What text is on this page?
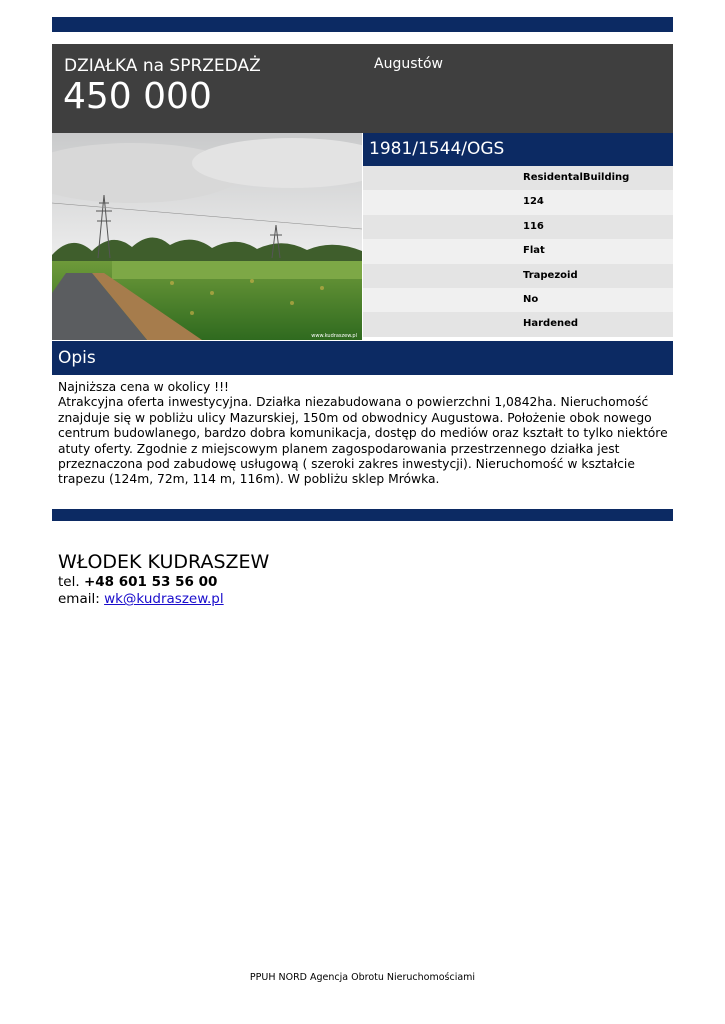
DZIAŁKA na SPRZEDAŻ
450 000
Augustów
www.kudraszew.pl
1981/1544/OGS
ResidentalBuilding
124
116
Flat
Trapezoid
No
Hardened
Opis

Najniższa cena w okolicy !!!

Atrakcyjna oferta inwestycyjna. Działka niezabudowana o powierzchni 1,0842ha. Nieruchomość

znajduje się w pobliżu ulicy Mazurskiej, 150m od obwodnicy Augustowa. Położenie obok nowego

centrum budowlanego, bardzo dobra komunikacja, dostęp do mediów oraz kształt to tylko niektóre

atuty oferty. Zgodnie z miejscowym planem zagospodarowania przestrzennego działka jest

przeznaczona pod zabudowę usługową ( szeroki zakres inwestycji). Nieruchomość w kształcie

trapezu (124m, 72m, 114 m, 116m). W pobliżu sklep Mrówka.

WŁODEK KUDRASZEW
tel. +48 601 53 56 00
email: wk@kudraszew.pl
PPUH NORD Agencja Obrotu Nieruchomościami
